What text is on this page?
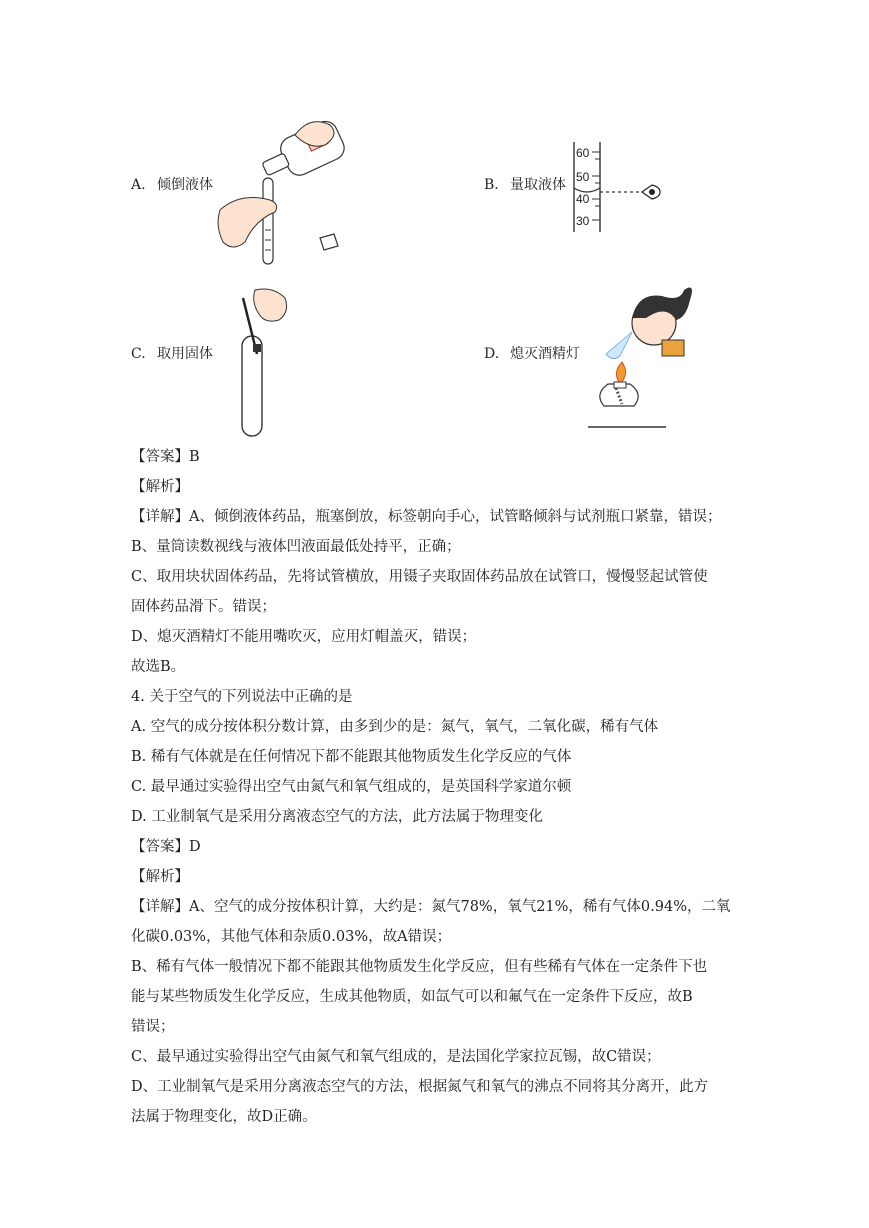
A. 倾倒液体	B. 量取液体
C. 取用固体	D. 熄灭酒精灯
60
50
40
30
【答案】B
【解析】
【详解】A、倾倒液体药品，瓶塞倒放，标签朝向手心，试管略倾斜与试剂瓶口紧靠，错误；
B、量筒读数视线与液体凹液面最低处持平，正确；
C、取用块状固体药品，先将试管横放，用镊子夹取固体药品放在试管口，慢慢竖起试管使
固体药品滑下。错误；
D、熄灭酒精灯不能用嘴吹灭，应用灯帽盖灭，错误；
故选B。
4. 关于空气的下列说法中正确的是
A. 空气的成分按体积分数计算，由多到少的是：氮气，氧气，二氧化碳，稀有气体
B. 稀有气体就是在任何情况下都不能跟其他物质发生化学反应的气体
C. 最早通过实验得出空气由氮气和氧气组成的，是英国科学家道尔顿
D. 工业制氧气是采用分离液态空气的方法，此方法属于物理变化
【答案】D
【解析】
【详解】A、空气的成分按体积计算，大约是：氮气78%，氧气21%，稀有气体0.94%，二氧
化碳0.03%，其他气体和杂质0.03%，故A错误；
B、稀有气体一般情况下都不能跟其他物质发生化学反应，但有些稀有气体在一定条件下也
能与某些物质发生化学反应，生成其他物质，如氙气可以和氟气在一定条件下反应，故B
错误；
C、最早通过实验得出空气由氮气和氧气组成的，是法国化学家拉瓦锡，故C错误；
D、工业制氧气是采用分离液态空气的方法，根据氮气和氧气的沸点不同将其分离开，此方
法属于物理变化，故D正确。
